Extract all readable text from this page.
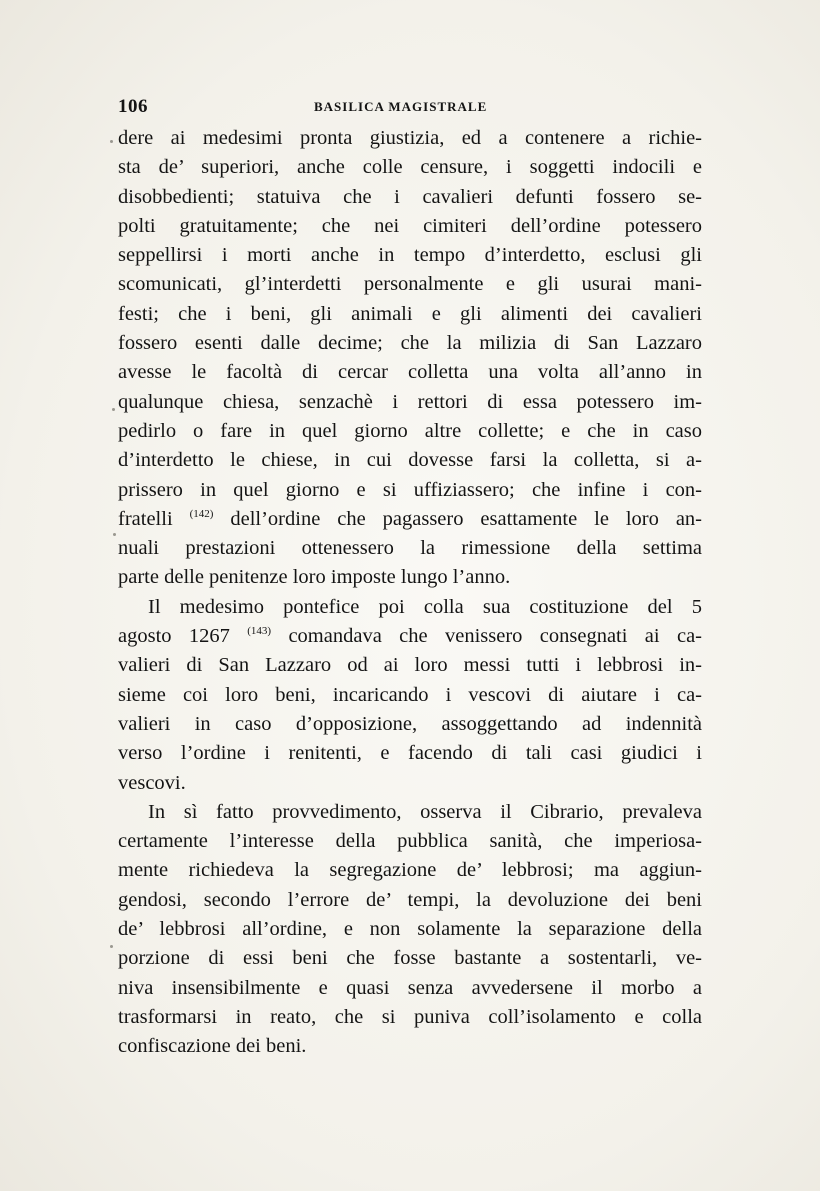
106	BASILICA MAGISTRALE
dere ai medesimi pronta giustizia, ed a contenere a richie-
sta de’ superiori, anche colle censure, i soggetti indocili e
disobbedienti; statuiva che i cavalieri defunti fossero se-
polti gratuitamente; che nei cimiteri dell’ordine potessero
seppellirsi i morti anche in tempo d’interdetto, esclusi gli
scomunicati, gl’interdetti personalmente e gli usurai mani-
festi; che i beni, gli animali e gli alimenti dei cavalieri
fossero esenti dalle decime; che la milizia di San Lazzaro
avesse le facoltà di cercar colletta una volta all’anno in
qualunque chiesa, senzachè i rettori di essa potessero im-
pedirlo o fare in quel giorno altre collette; e che in caso
d’interdetto le chiese, in cui dovesse farsi la colletta, si a-
prissero in quel giorno e si uffiziassero; che infine i con-
fratelli $^{(142)}$ dell’ordine che pagassero esattamente le loro an-
nuali prestazioni ottenessero la rimessione della settima
parte delle penitenze loro imposte lungo l’anno.
Il medesimo pontefice poi colla sua costituzione del 5
agosto 1267 $^{(143)}$ comandava che venissero consegnati ai ca-
valieri di San Lazzaro od ai loro messi tutti i lebbrosi in-
sieme coi loro beni, incaricando i vescovi di aiutare i ca-
valieri in caso d’opposizione, assoggettando ad indennità
verso l’ordine i renitenti, e facendo di tali casi giudici i
vescovi.
In sì fatto provvedimento, osserva il Cibrario, prevaleva
certamente l’interesse della pubblica sanità, che imperiosa-
mente richiedeva la segregazione de’ lebbrosi; ma aggiun-
gendosi, secondo l’errore de’ tempi, la devoluzione dei beni
de’ lebbrosi all’ordine, e non solamente la separazione della
porzione di essi beni che fosse bastante a sostentarli, ve-
niva insensibilmente e quasi senza avvedersene il morbo a
trasformarsi in reato, che si puniva coll’isolamento e colla
confiscazione dei beni.
